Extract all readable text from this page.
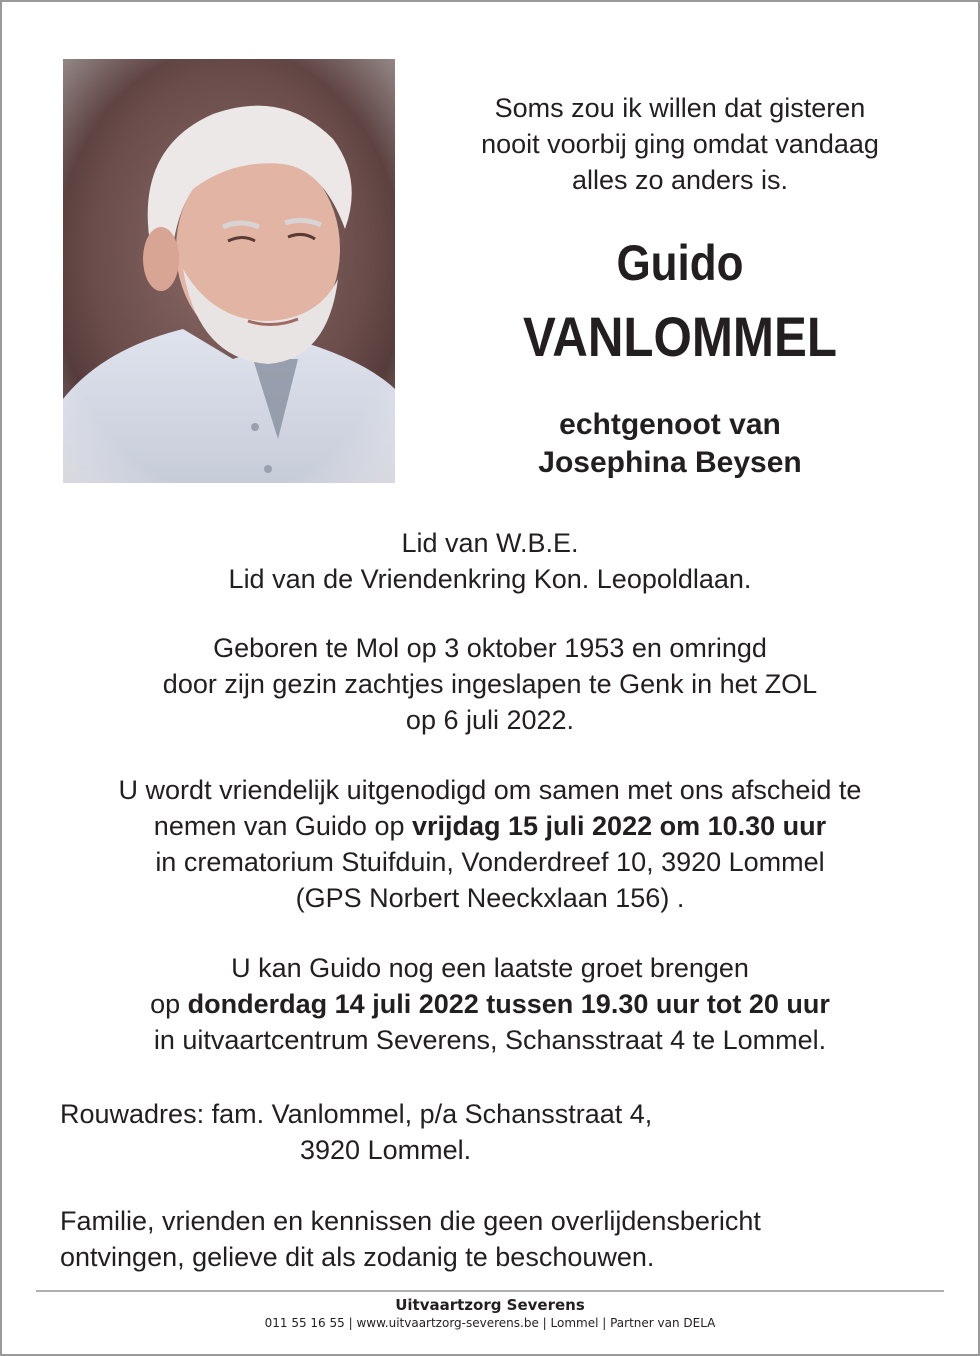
Soms zou ik willen dat gisteren
nooit voorbij ging omdat vandaag
alles zo anders is.
Guido
VANLOMMEL
echtgenoot van
Josephina Beysen
Lid van W.B.E.
Lid van de Vriendenkring Kon. Leopoldlaan.
Geboren te Mol op 3 oktober 1953 en omringd
door zijn gezin zachtjes ingeslapen te Genk in het ZOL
op 6 juli 2022.
U wordt vriendelijk uitgenodigd om samen met ons afscheid te
nemen van Guido op vrijdag 15 juli 2022 om 10.30 uur
in crematorium Stuifduin, Vonderdreef 10, 3920 Lommel
(GPS Norbert Neeckxlaan 156) .
U kan Guido nog een laatste groet brengen
op donderdag 14 juli 2022 tussen 19.30 uur tot 20 uur
in uitvaartcentrum Severens, Schansstraat 4 te Lommel.
Rouwadres: fam. Vanlommel, p/a Schansstraat 4,
3920 Lommel.
Familie, vrienden en kennissen die geen overlijdensbericht
ontvingen, gelieve dit als zodanig te beschouwen.
Uitvaartzorg Severens
011 55 16 55 | www.uitvaartzorg-severens.be | Lommel | Partner van DELA
